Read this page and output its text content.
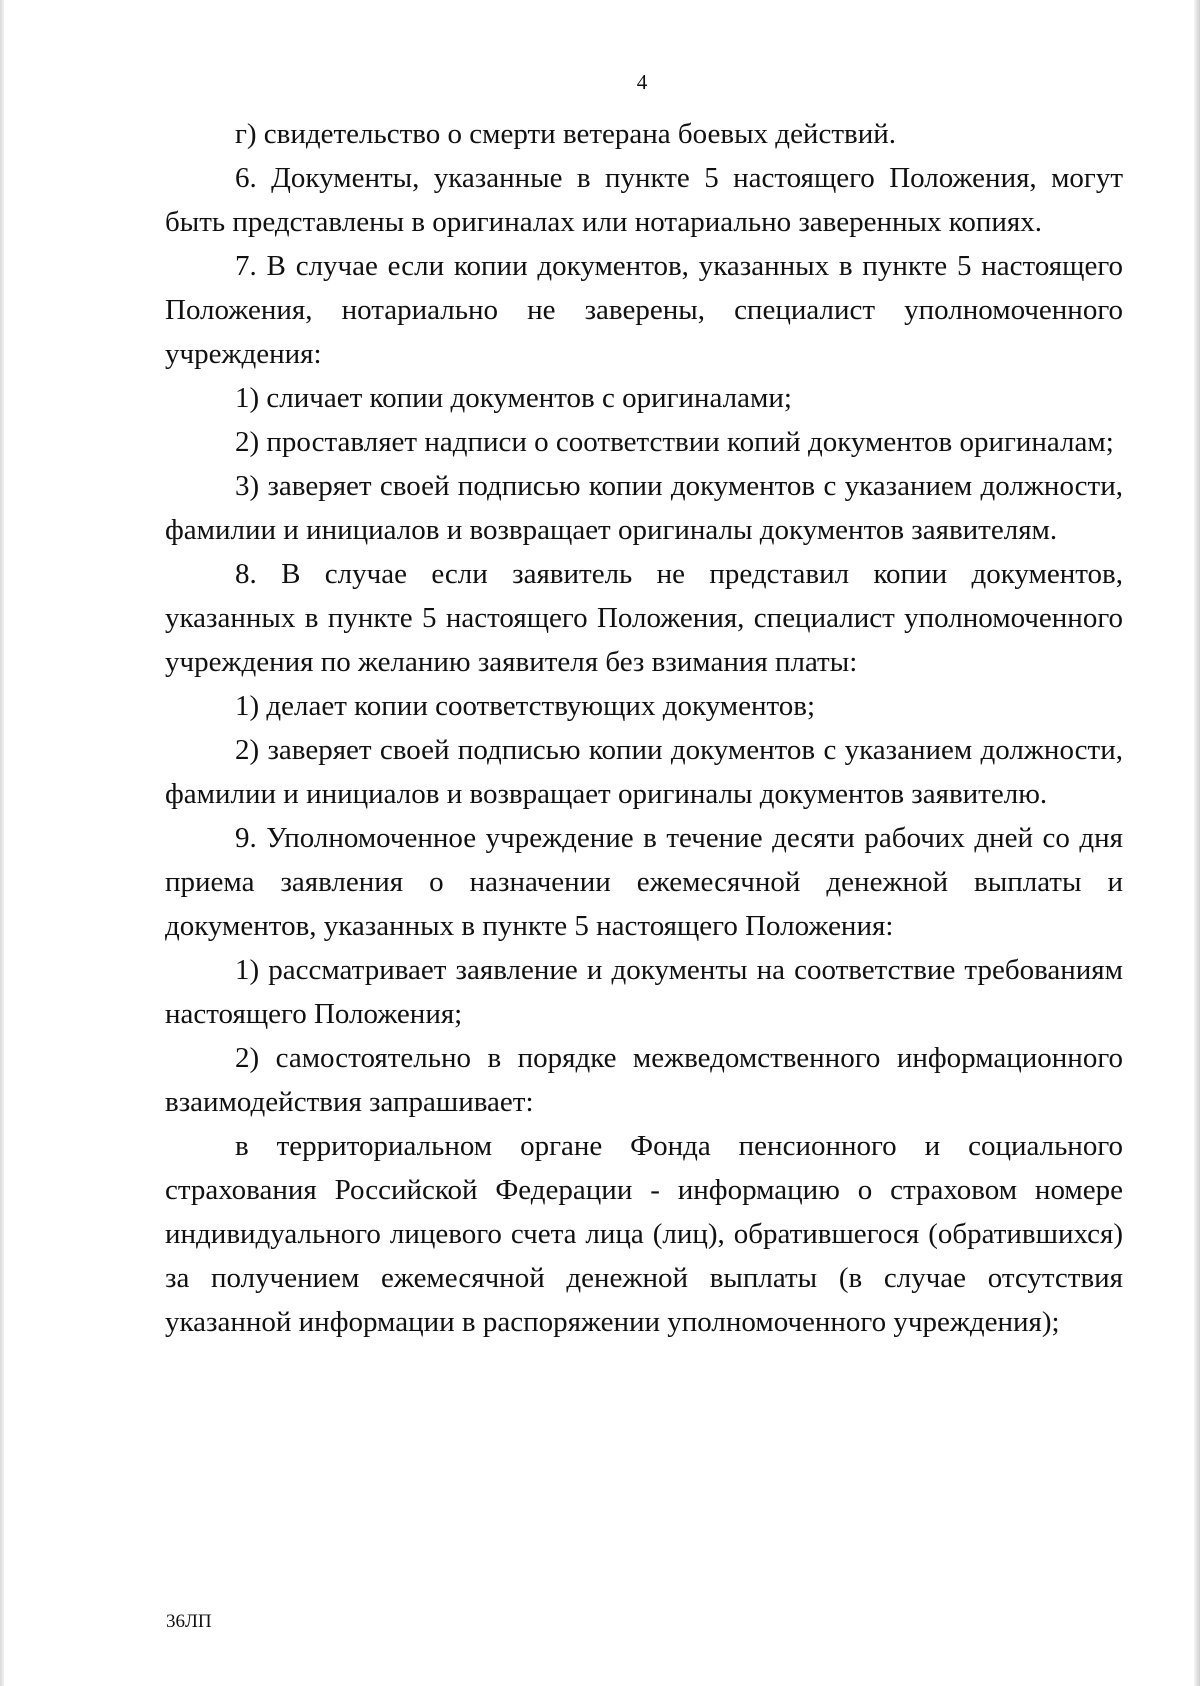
4

г) свидетельство о смерти ветерана боевых действий.

6. Документы, указанные в пункте 5 настоящего Положения, могут быть представлены в оригиналах или нотариально заверенных копиях.

7. В случае если копии документов, указанных в пункте 5 настоящего Положения, нотариально не заверены, специалист уполномоченного учреждения:

1) сличает копии документов с оригиналами;

2) проставляет надписи о соответствии копий документов оригиналам;

3) заверяет своей подписью копии документов с указанием должности, фамилии и инициалов и возвращает оригиналы документов заявителям.

8. В случае если заявитель не представил копии документов, указанных в пункте 5 настоящего Положения, специалист уполномоченного учреждения по желанию заявителя без взимания платы:

1) делает копии соответствующих документов;

2) заверяет своей подписью копии документов с указанием должности, фамилии и инициалов и возвращает оригиналы документов заявителю.

9. Уполномоченное учреждение в течение десяти рабочих дней со дня приема заявления о назначении ежемесячной денежной выплаты и документов, указанных в пункте 5 настоящего Положения:

1) рассматривает заявление и документы на соответствие требованиям настоящего Положения;

2) самостоятельно в порядке межведомственного информационного взаимодействия запрашивает:

в территориальном органе Фонда пенсионного и социального страхования Российской Федерации - информацию о страховом номере индивидуального лицевого счета лица (лиц), обратившегося (обратившихся) за получением ежемесячной денежной выплаты (в случае отсутствия указанной информации в распоряжении уполномоченного учреждения);

36ЛП
